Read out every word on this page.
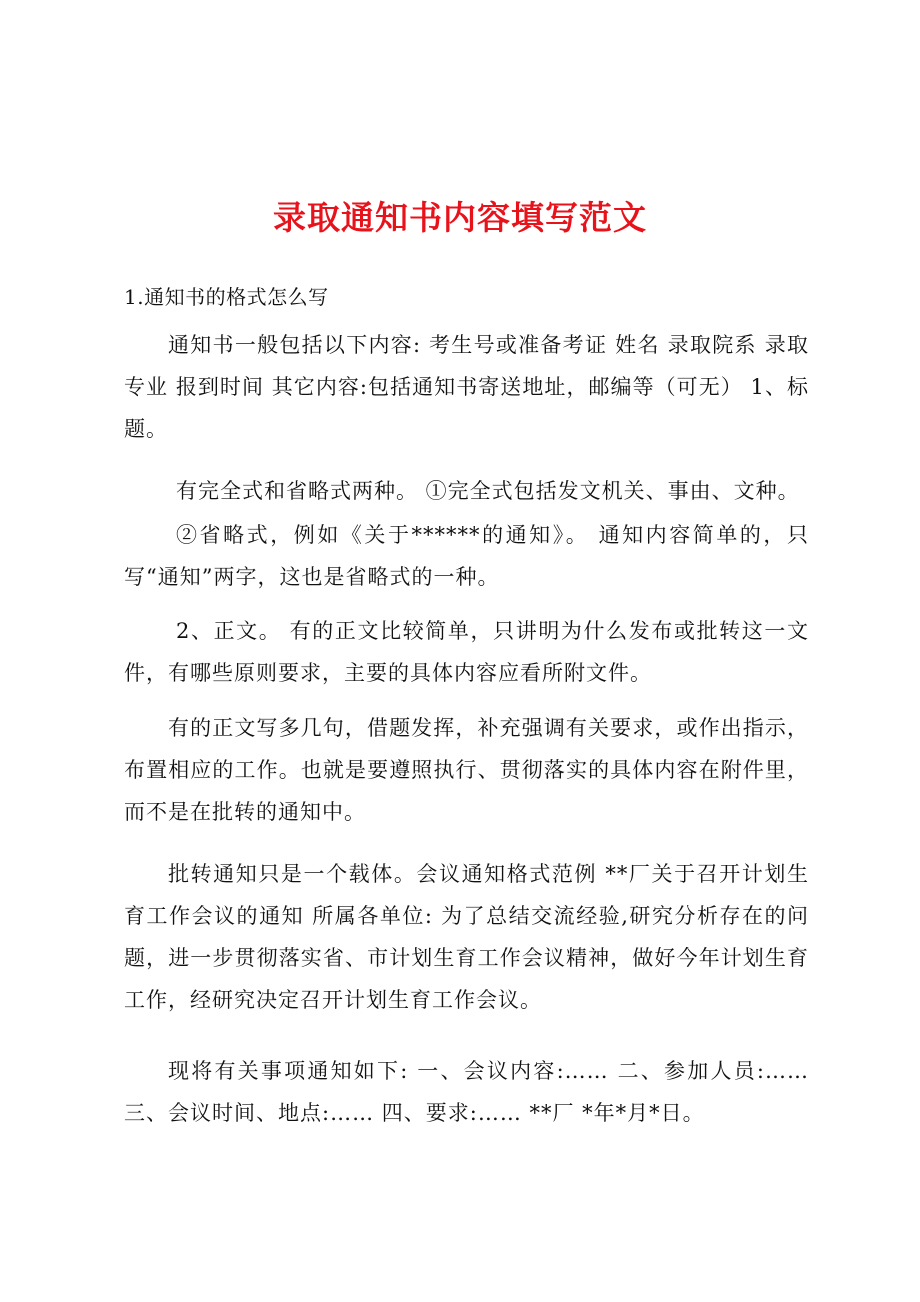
录取通知书内容填写范文
1.通知书的格式怎么写
通知书一般包括以下内容: 考生号或准备考证 姓名 录取院系 录取专业 报到时间 其它内容:包括通知书寄送地址，邮编等（可无） 1、标题。
有完全式和省略式两种。 ①完全式包括发文机关、事由、文种。
②省略式，例如《关于******的通知》。 通知内容简单的，只写“通知”两字，这也是省略式的一种。
2、正文。 有的正文比较简单，只讲明为什么发布或批转这一文件，有哪些原则要求，主要的具体内容应看所附文件。
有的正文写多几句，借题发挥，补充强调有关要求，或作出指示，布置相应的工作。也就是要遵照执行、贯彻落实的具体内容在附件里，而不是在批转的通知中。
批转通知只是一个载体。会议通知格式范例 **厂关于召开计划生育工作会议的通知 所属各单位: 为了总结交流经验,研究分析存在的问题，进一步贯彻落实省、市计划生育工作会议精神，做好今年计划生育工作，经研究决定召开计划生育工作会议。
现将有关事项通知如下: 一、会议内容:…… 二、参加人员:…… 三、会议时间、地点:…… 四、要求:…… **厂 *年*月*日。
